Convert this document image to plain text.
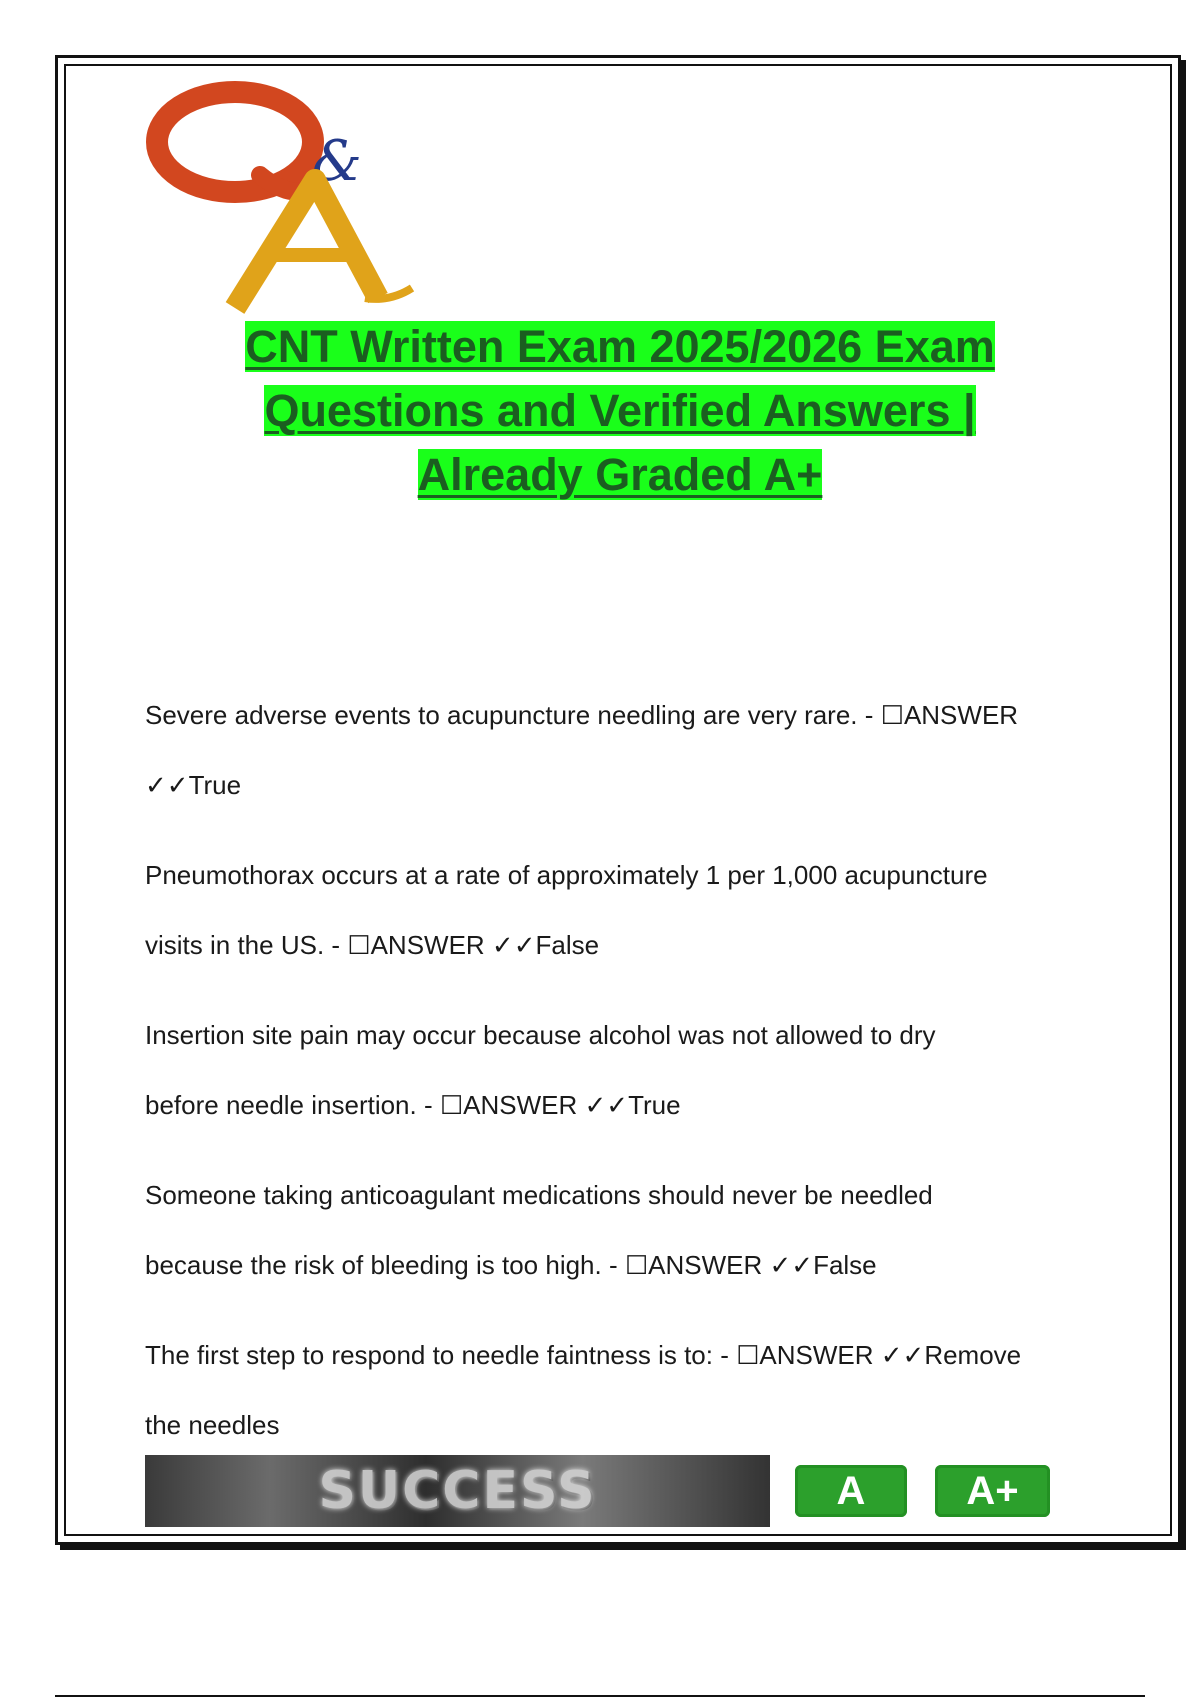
&
CNT Written Exam 2025/2026 Exam
Questions and Verified Answers |
Already Graded A+

Severe adverse events to acupuncture needling are very rare. - ☐ANSWER

✓✓True

Pneumothorax occurs at a rate of approximately 1 per 1,000 acupuncture

visits in the US. - ☐ANSWER ✓✓False

Insertion site pain may occur because alcohol was not allowed to dry

before needle insertion. - ☐ANSWER ✓✓True

Someone taking anticoagulant medications should never be needled

because the risk of bleeding is too high. - ☐ANSWER ✓✓False

The first step to respond to needle faintness is to: - ☐ANSWER ✓✓Remove

the needles

SUCCESS	A	A+
